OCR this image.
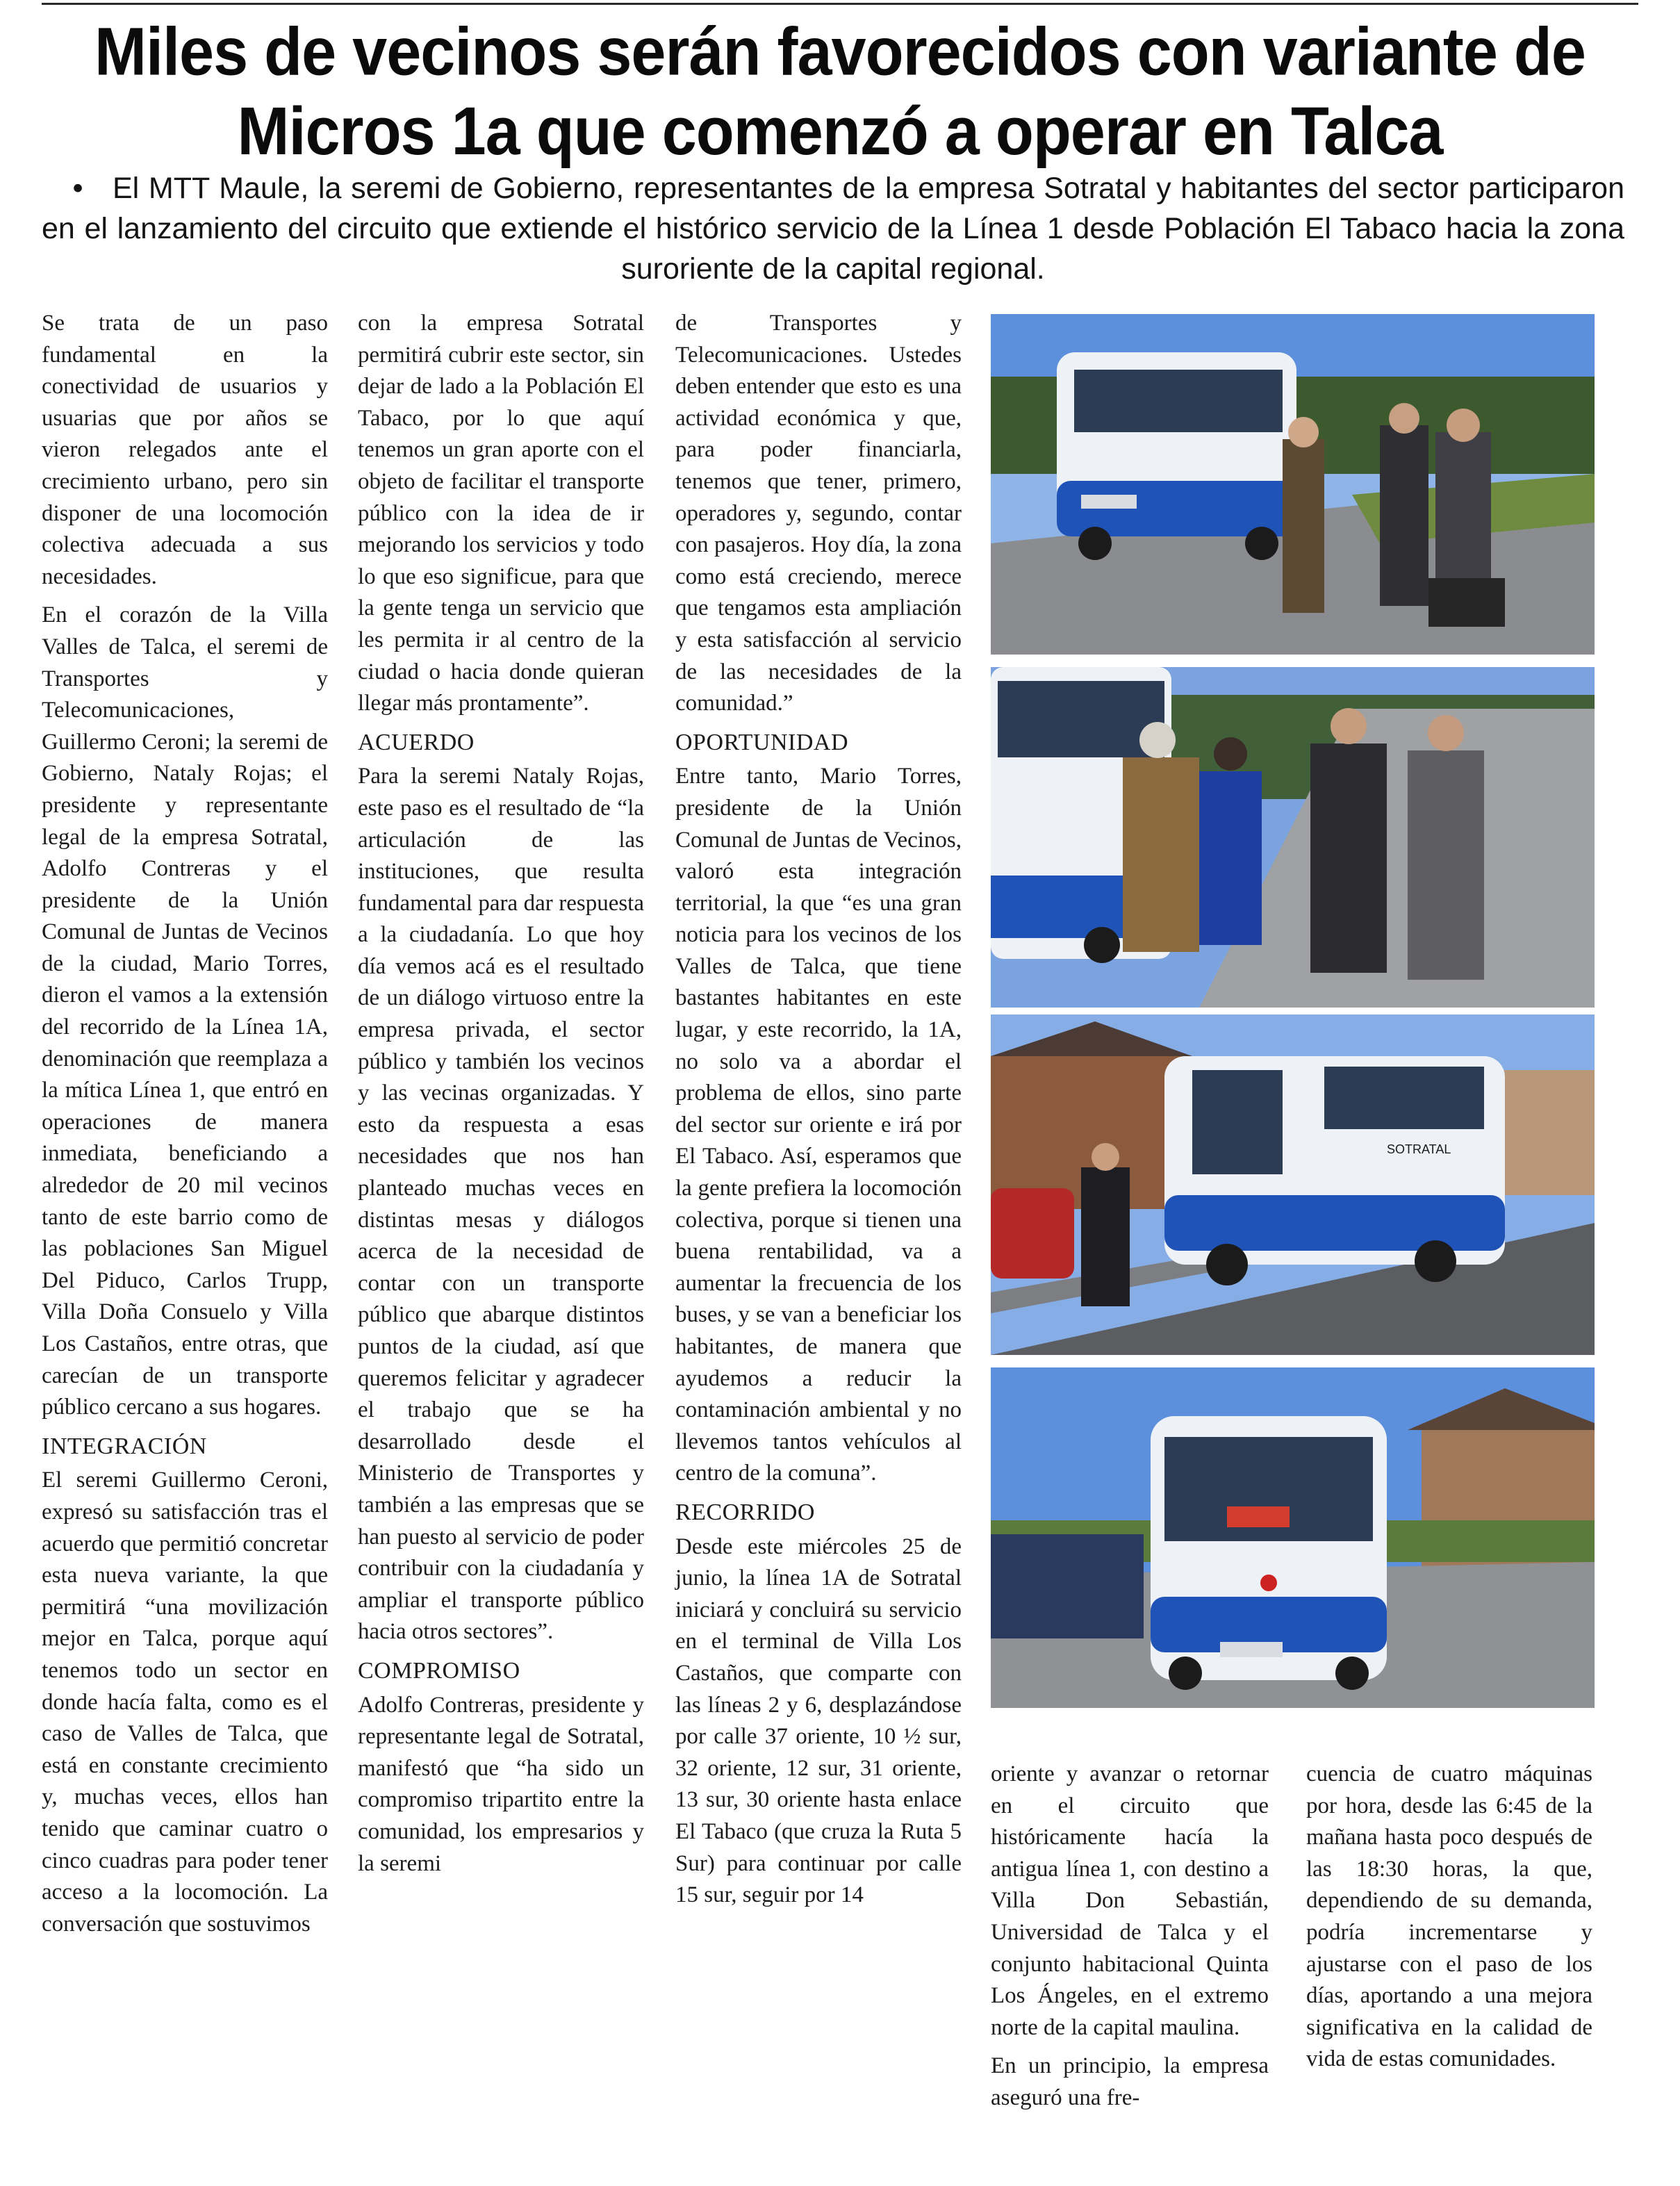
Miles de vecinos serán favorecidos con variante de
Micros 1a que comenzó a operar en Talca
• El MTT Maule, la seremi de Gobierno, representantes de la empresa Sotratal y habitantes del sector participaron en el lanzamiento del circuito que extiende el histórico servicio de la Línea 1 desde Población El Tabaco hacia la zona suroriente de la capital regional.

Se trata de un paso fundamental en la conectividad de usuarios y usuarias que por años se vieron relegados ante el crecimiento urbano, pero sin disponer de una locomoción colectiva adecuada a sus necesidades.

En el corazón de la Villa Valles de Talca, el seremi de Transportes y Telecomunicaciones, Guillermo Ceroni; la seremi de Gobierno, Nataly Rojas; el presidente y representante legal de la empresa Sotratal, Adolfo Contreras y el presidente de la Unión Comunal de Juntas de Vecinos de la ciudad, Mario Torres, dieron el vamos a la extensión del recorrido de la Línea 1A, denominación que reemplaza a la mítica Línea 1, que entró en operaciones de manera inmediata, beneficiando a alrededor de 20 mil vecinos tanto de este barrio como de las poblaciones San Miguel Del Piduco, Carlos Trupp, Villa Doña Consuelo y Villa Los Castaños, entre otras, que carecían de un transporte público cercano a sus hogares.

INTEGRACIÓN

El seremi Guillermo Ceroni, expresó su satisfacción tras el acuerdo que permitió concretar esta nueva variante, la que permitirá “una movilización mejor en Talca, porque aquí tenemos todo un sector en donde hacía falta, como es el caso de Valles de Talca, que está en constante crecimiento y, muchas veces, ellos han tenido que caminar cuatro o cinco cuadras para poder tener acceso a la locomoción. La conversación que sostuvimos

con la empresa Sotratal permitirá cubrir este sector, sin dejar de lado a la Población El Tabaco, por lo que aquí tenemos un gran aporte con el objeto de facilitar el transporte público con la idea de ir mejorando los servicios y todo lo que eso significue, para que la gente tenga un servicio que les permita ir al centro de la ciudad o hacia donde quieran llegar más prontamente”.

ACUERDO

Para la seremi Nataly Rojas, este paso es el resultado de “la articulación de las instituciones, que resulta fundamental para dar respuesta a la ciudadanía. Lo que hoy día vemos acá es el resultado de un diálogo virtuoso entre la empresa privada, el sector público y también los vecinos y las vecinas organizadas. Y esto da respuesta a esas necesidades que nos han planteado muchas veces en distintas mesas y diálogos acerca de la necesidad de contar con un transporte público que abarque distintos puntos de la ciudad, así que queremos felicitar y agradecer el trabajo que se ha desarrollado desde el Ministerio de Transportes y también a las empresas que se han puesto al servicio de poder contribuir con la ciudadanía y ampliar el transporte público hacia otros sectores”.

COMPROMISO

Adolfo Contreras, presidente y representante legal de Sotratal, manifestó que “ha sido un compromiso tripartito entre la comunidad, los empresarios y la seremi

de Transportes y Telecomunicaciones. Ustedes deben entender que esto es una actividad económica y que, para poder financiarla, tenemos que tener, primero, operadores y, segundo, contar con pasajeros. Hoy día, la zona como está creciendo, merece que tengamos esta ampliación y esta satisfacción al servicio de las necesidades de la comunidad.”

OPORTUNIDAD

Entre tanto, Mario Torres, presidente de la Unión Comunal de Juntas de Vecinos, valoró esta integración territorial, la que “es una gran noticia para los vecinos de los Valles de Talca, que tiene bastantes habitantes en este lugar, y este recorrido, la 1A, no solo va a abordar el problema de ellos, sino parte del sector sur oriente e irá por El Tabaco. Así, esperamos que la gente prefiera la locomoción colectiva, porque si tienen una buena rentabilidad, va a aumentar la frecuencia de los buses, y se van a beneficiar los habitantes, de manera que ayudemos a reducir la contaminación ambiental y no llevemos tantos vehículos al centro de la comuna”.

RECORRIDO

Desde este miércoles 25 de junio, la línea 1A de Sotratal iniciará y concluirá su servicio en el terminal de Villa Los Castaños, que comparte con las líneas 2 y 6, desplazándose por calle 37 oriente, 10 ½ sur, 32 oriente, 12 sur, 31 oriente, 13 sur, 30 oriente hasta enlace El Tabaco (que cruza la Ruta 5 Sur) para continuar por calle 15 sur, seguir por 14

oriente y avanzar o retornar en el circuito que históricamente hacía la antigua línea 1, con destino a Villa Don Sebastián, Universidad de Talca y el conjunto habitacional Quinta Los Ángeles, en el extremo norte de la capital maulina.

En un principio, la empresa aseguró una fre-

cuencia de cuatro máquinas por hora, desde las 6:45 de la mañana hasta poco después de las 18:30 horas, la que, dependiendo de su demanda, podría incrementarse y ajustarse con el paso de los días, aportando a una mejora significativa en la calidad de vida de estas comunidades.

SOTRATAL
